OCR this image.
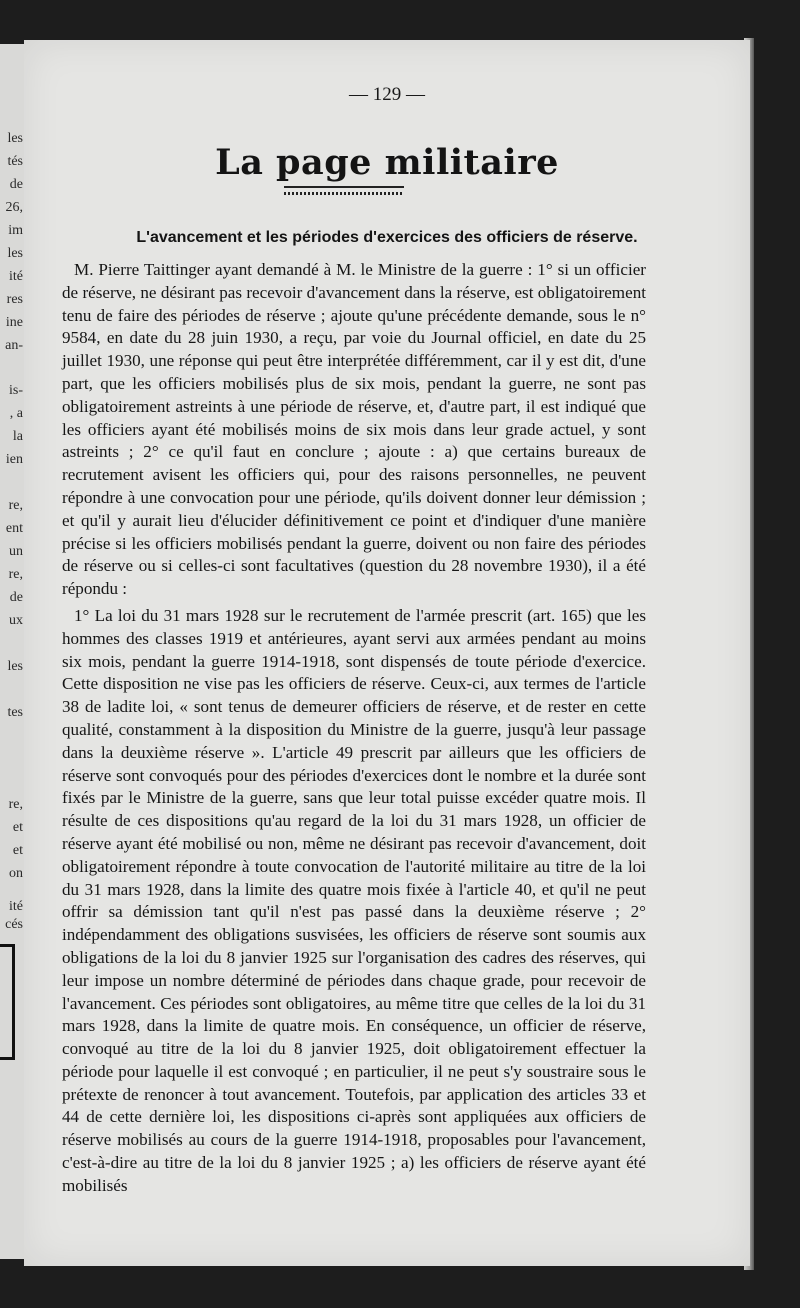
les
tés
de
26,
im
les
ité
res
ine
an-
is-
, a
la
ien
re,
ent
un
re,
de
ux
les
tes
re,
et
et
on
ité
cés
— 129 —
La page militaire
L'avancement et les périodes d'exercices des officiers de réserve.

M. Pierre Taittinger ayant demandé à M. le Ministre de la guerre : 1° si un officier de réserve, ne désirant pas recevoir d'avancement dans la réserve, est obligatoirement tenu de faire des périodes de réserve ; ajoute qu'une précédente demande, sous le n° 9584, en date du 28 juin 1930, a reçu, par voie du Journal officiel, en date du 25 juillet 1930, une réponse qui peut être interprétée différemment, car il y est dit, d'une part, que les officiers mobilisés plus de six mois, pendant la guerre, ne sont pas obligatoirement astreints à une période de réserve, et, d'autre part, il est indiqué que les officiers ayant été mobilisés moins de six mois dans leur grade actuel, y sont astreints ; 2° ce qu'il faut en conclure ; ajoute : a) que certains bureaux de recrutement avisent les officiers qui, pour des raisons personnelles, ne peuvent répondre à une convocation pour une période, qu'ils doivent donner leur démission ; et qu'il y aurait lieu d'élucider définitivement ce point et d'indiquer d'une manière précise si les officiers mobilisés pendant la guerre, doivent ou non faire des périodes de réserve ou si celles-ci sont facultatives (question du 28 novembre 1930), il a été répondu :

1° La loi du 31 mars 1928 sur le recrutement de l'armée prescrit (art. 165) que les hommes des classes 1919 et antérieures, ayant servi aux armées pendant au moins six mois, pendant la guerre 1914-1918, sont dispensés de toute période d'exercice. Cette disposition ne vise pas les officiers de réserve. Ceux-ci, aux termes de l'article 38 de ladite loi, « sont tenus de demeurer officiers de réserve, et de rester en cette qualité, constamment à la disposition du Ministre de la guerre, jusqu'à leur passage dans la deuxième réserve ». L'article 49 prescrit par ailleurs que les officiers de réserve sont convoqués pour des périodes d'exercices dont le nombre et la durée sont fixés par le Ministre de la guerre, sans que leur total puisse excéder quatre mois. Il résulte de ces dispositions qu'au regard de la loi du 31 mars 1928, un officier de réserve ayant été mobilisé ou non, même ne désirant pas recevoir d'avancement, doit obligatoirement répondre à toute convocation de l'autorité militaire au titre de la loi du 31 mars 1928, dans la limite des quatre mois fixée à l'article 40, et qu'il ne peut offrir sa démission tant qu'il n'est pas passé dans la deuxième réserve ; 2° indépendamment des obligations susvisées, les officiers de réserve sont soumis aux obligations de la loi du 8 janvier 1925 sur l'organisation des cadres des réserves, qui leur impose un nombre déterminé de périodes dans chaque grade, pour recevoir de l'avancement. Ces périodes sont obligatoires, au même titre que celles de la loi du 31 mars 1928, dans la limite de quatre mois. En conséquence, un officier de réserve, convoqué au titre de la loi du 8 janvier 1925, doit obligatoirement effectuer la période pour laquelle il est convoqué ; en particulier, il ne peut s'y soustraire sous le prétexte de renoncer à tout avancement. Toutefois, par application des articles 33 et 44 de cette dernière loi, les dispositions ci-après sont appliquées aux officiers de réserve mobilisés au cours de la guerre 1914-1918, proposables pour l'avancement, c'est-à-dire au titre de la loi du 8 janvier 1925 ; a) les officiers de réserve ayant été mobilisés
